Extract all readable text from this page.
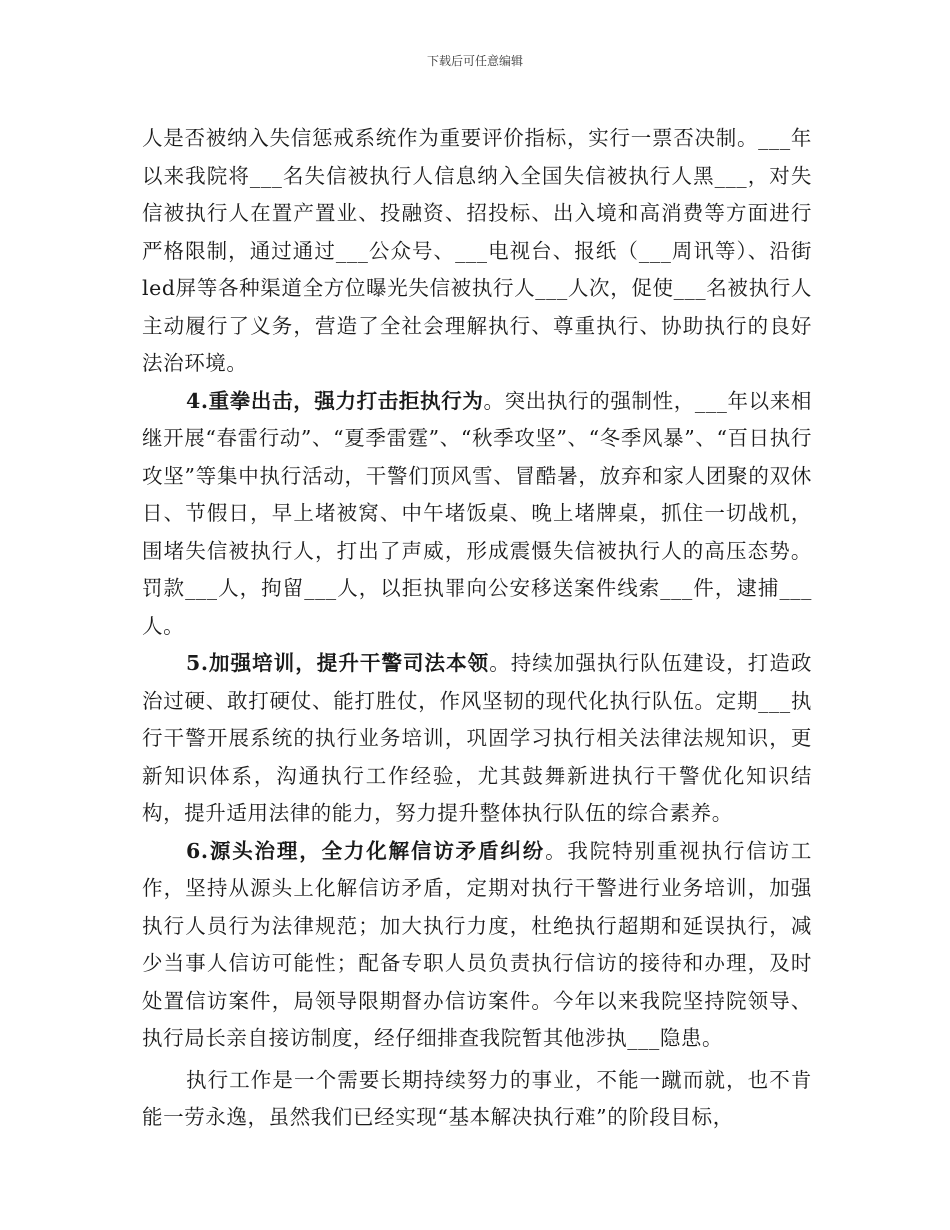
下载后可任意编辑

人是否被纳入失信惩戒系统作为重要评价指标，实行一票否决制。___年以来我院将___名失信被执行人信息纳入全国失信被执行人黑___，对失信被执行人在置产置业、投融资、招投标、出入境和高消费等方面进行严格限制，通过通过___公众号、___电视台、报纸（___周讯等）、沿街led屏等各种渠道全方位曝光失信被执行人___人次，促使___名被执行人主动履行了义务，营造了全社会理解执行、尊重执行、协助执行的良好法治环境。

4.重拳出击，强力打击拒执行为。突出执行的强制性，___年以来相继开展“春雷行动”、“夏季雷霆”、“秋季攻坚”、“冬季风暴”、“百日执行攻坚”等集中执行活动，干警们顶风雪、冒酷暑，放弃和家人团聚的双休日、节假日，早上堵被窝、中午堵饭桌、晚上堵牌桌，抓住一切战机，围堵失信被执行人，打出了声威，形成震慑失信被执行人的高压态势。罚款___人，拘留___人，以拒执罪向公安移送案件线索___件，逮捕___人。

5.加强培训，提升干警司法本领。持续加强执行队伍建设，打造政治过硬、敢打硬仗、能打胜仗，作风坚韧的现代化执行队伍。定期___执行干警开展系统的执行业务培训，巩固学习执行相关法律法规知识，更新知识体系，沟通执行工作经验，尤其鼓舞新进执行干警优化知识结构，提升适用法律的能力，努力提升整体执行队伍的综合素养。

6.源头治理，全力化解信访矛盾纠纷。我院特别重视执行信访工作，坚持从源头上化解信访矛盾，定期对执行干警进行业务培训，加强执行人员行为法律规范；加大执行力度，杜绝执行超期和延误执行，减少当事人信访可能性；配备专职人员负责执行信访的接待和办理，及时处置信访案件，局领导限期督办信访案件。今年以来我院坚持院领导、执行局长亲自接访制度，经仔细排查我院暂其他涉执___隐患。

执行工作是一个需要长期持续努力的事业，不能一蹴而就，也不肯能一劳永逸，虽然我们已经实现“基本解决执行难”的阶段目标，
